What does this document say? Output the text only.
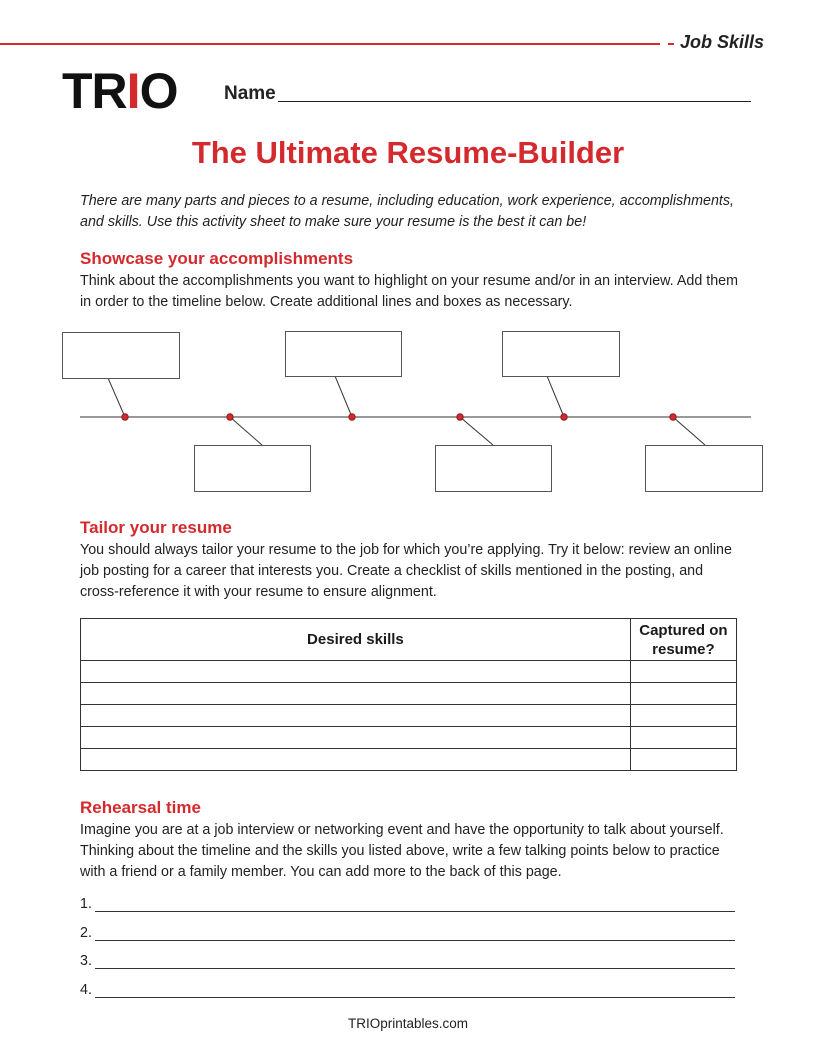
Job Skills
TRIO Name
The Ultimate Resume-Builder
There are many parts and pieces to a resume, including education, work experience, accomplishments, and skills. Use this activity sheet to make sure your resume is the best it can be!
Showcase your accomplishments
Think about the accomplishments you want to highlight on your resume and/or in an interview. Add them in order to the timeline below. Create additional lines and boxes as necessary.
Tailor your resume
You should always tailor your resume to the job for which you’re applying. Try it below: review an online job posting for a career that interests you. Create a checklist of skills mentioned in the posting, and cross-reference it with your resume to ensure alignment.
Desired skills	Captured on resume?

Rehearsal time
Imagine you are at a job interview or networking event and have the opportunity to talk about yourself. Thinking about the timeline and the skills you listed above, write a few talking points below to practice with a friend or a family member. You can add more to the back of this page.
1.
2.
3.
4.
TRIOprintables.com
